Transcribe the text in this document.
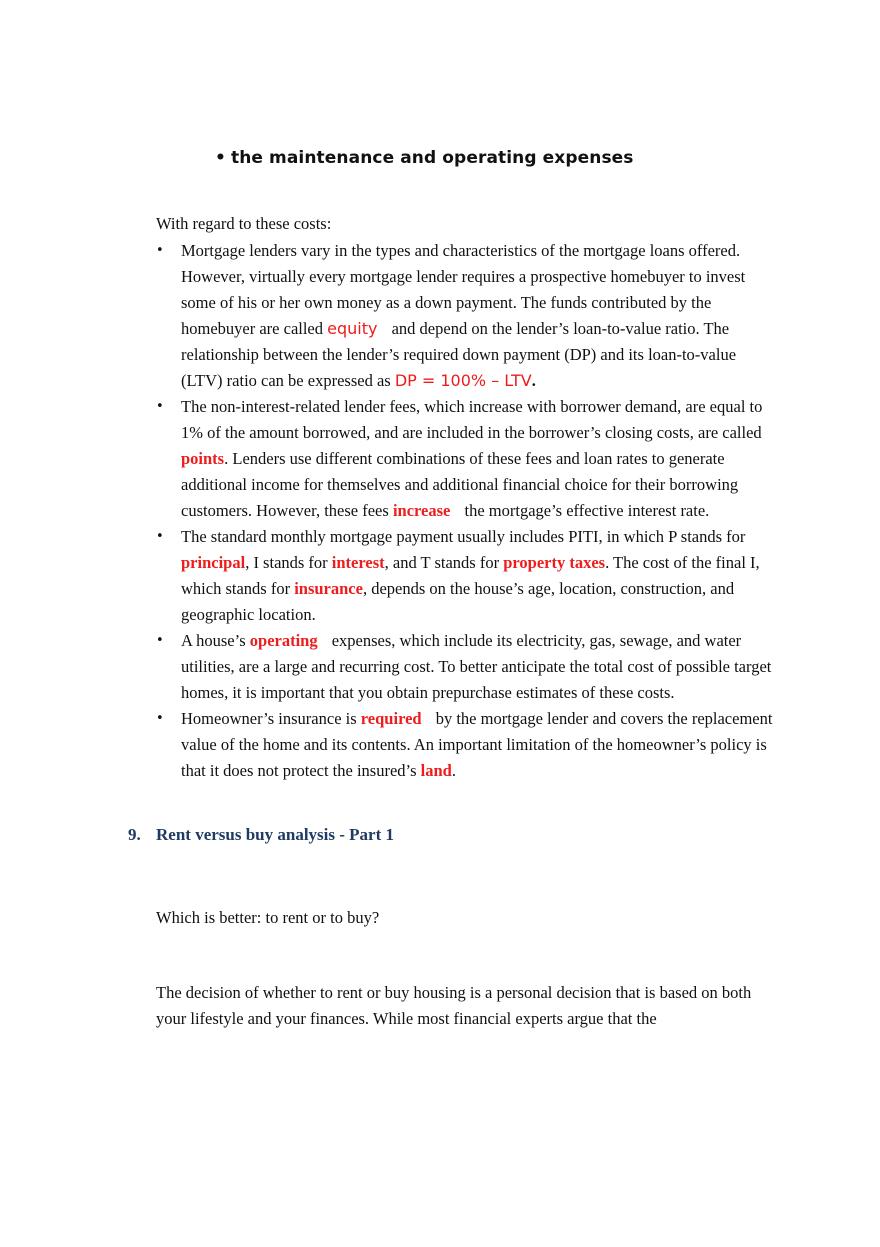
• the maintenance and operating expenses
With regard to these costs:
• Mortgage lenders vary in the types and characteristics of the mortgage loans offered. However, virtually every mortgage lender requires a prospective homebuyer to invest some of his or her own money as a down payment. The funds contributed by the homebuyer are called equity and depend on the lender’s loan-to-value ratio. The relationship between the lender’s required down payment (DP) and its loan-to-value (LTV) ratio can be expressed as DP = 100% – LTV.
• The non-interest-related lender fees, which increase with borrower demand, are equal to 1% of the amount borrowed, and are included in the borrower’s closing costs, are called points. Lenders use different combinations of these fees and loan rates to generate additional income for themselves and additional financial choice for their borrowing customers. However, these fees increase the mortgage’s effective interest rate.
• The standard monthly mortgage payment usually includes PITI, in which P stands for principal, I stands for interest, and T stands for property taxes. The cost of the final I, which stands for insurance, depends on the house’s age, location, construction, and geographic location.
• A house’s operating expenses, which include its electricity, gas, sewage, and water utilities, are a large and recurring cost. To better anticipate the total cost of possible target homes, it is important that you obtain prepurchase estimates of these costs.
• Homeowner’s insurance is required by the mortgage lender and covers the replacement value of the home and its contents. An important limitation of the homeowner’s policy is that it does not protect the insured’s land.
9. Rent versus buy analysis - Part 1
Which is better: to rent or to buy?
The decision of whether to rent or buy housing is a personal decision that is based on both your lifestyle and your finances. While most financial experts argue that the
